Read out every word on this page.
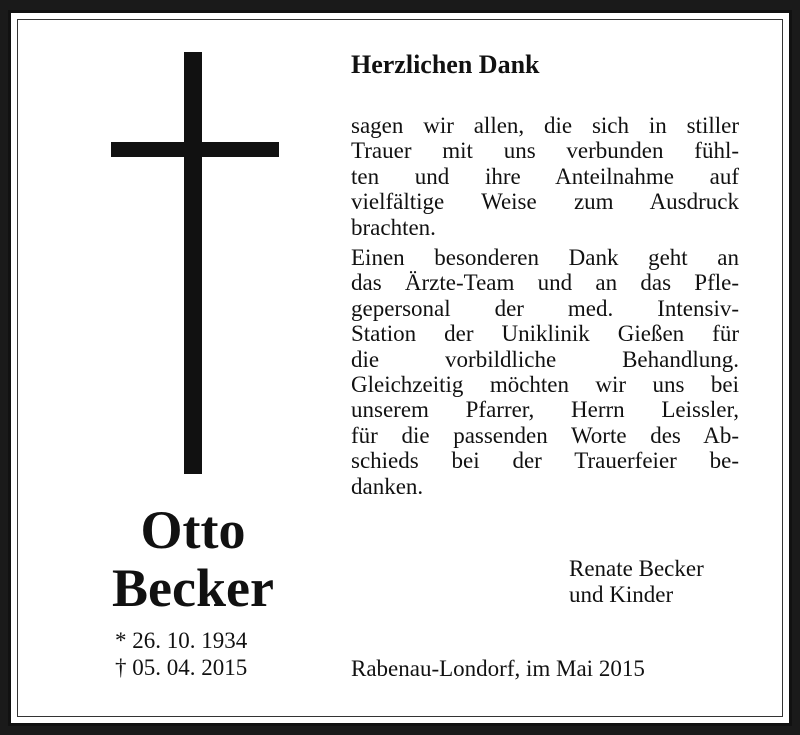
Otto
Becker
* 26. 10. 1934
† 05. 04. 2015
Herzlichen Dank
sagen wir allen, die sich in stiller
Trauer mit uns verbunden fühl-
ten und ihre Anteilnahme auf
vielfältige Weise zum Ausdruck
brachten.
Einen besonderen Dank geht an
das Ärzte-Team und an das Pfle-
gepersonal der med. Intensiv-
Station der Uniklinik Gießen für
die vorbildliche Behandlung.
Gleichzeitig möchten wir uns bei
unserem Pfarrer, Herrn Leissler,
für die passenden Worte des Ab-
schieds bei der Trauerfeier be-
danken.
Renate Becker
und Kinder
Rabenau-Londorf, im Mai 2015
